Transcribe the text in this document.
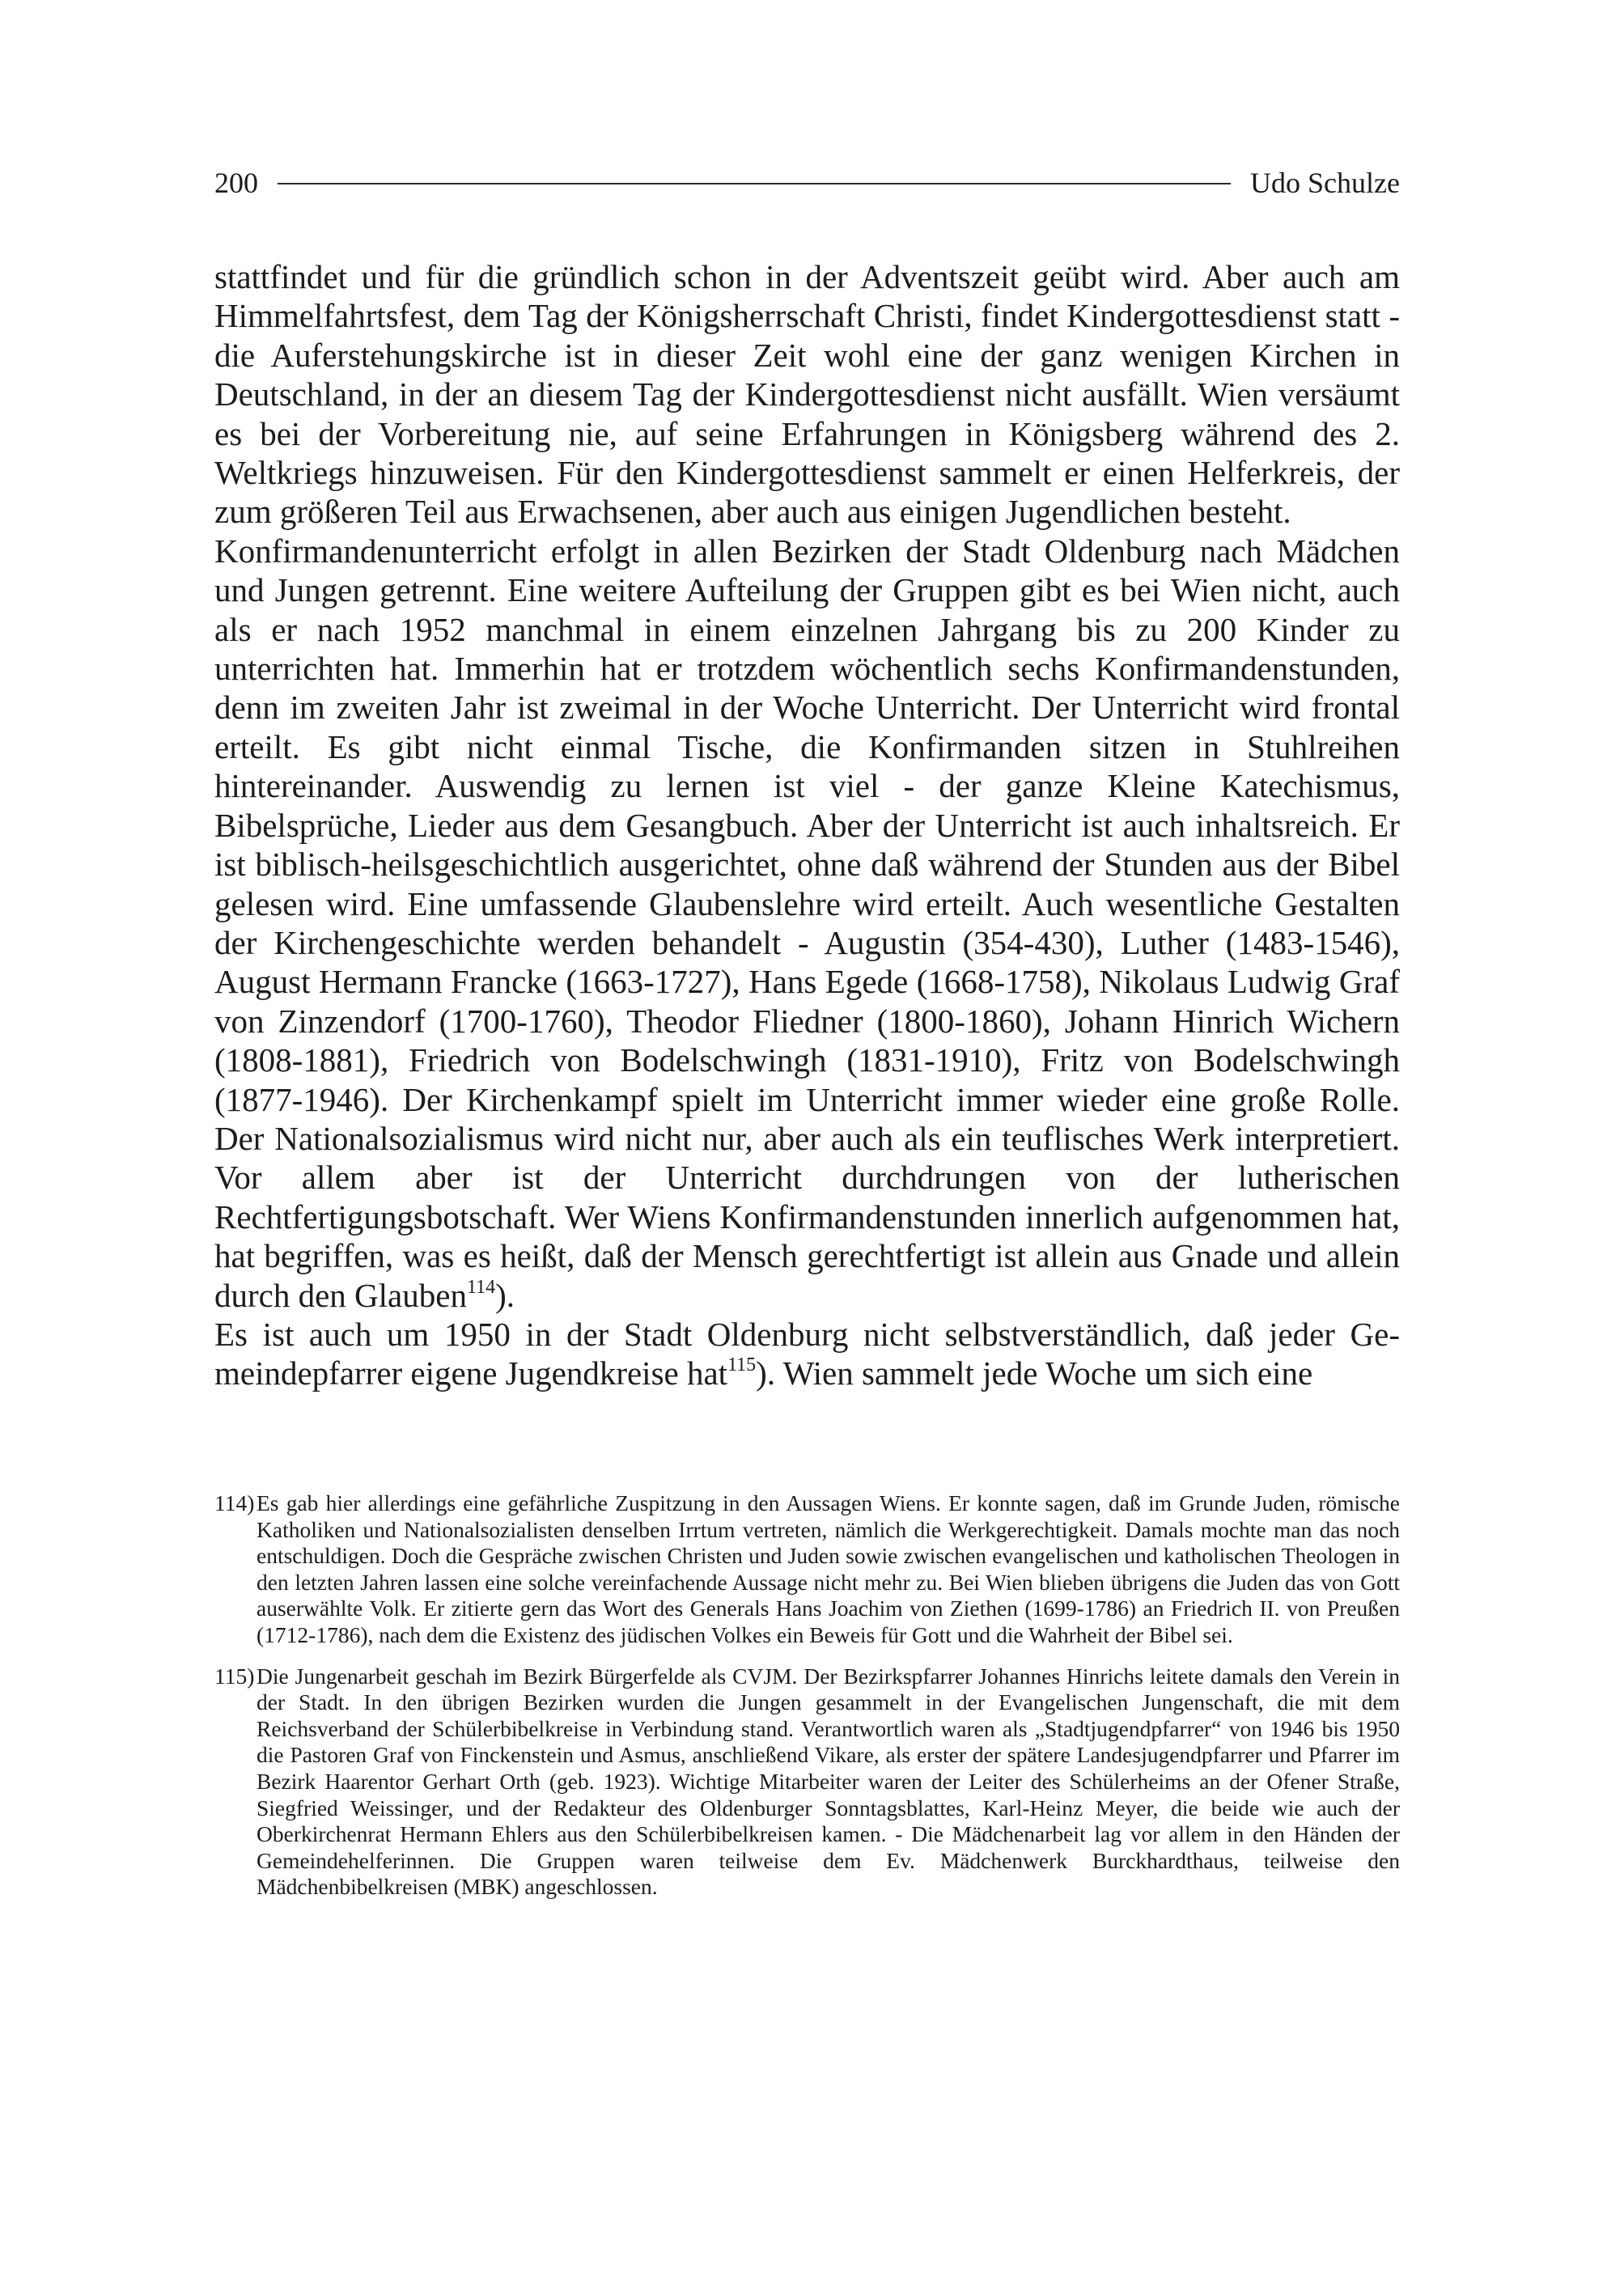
200	Udo Schulze

stattfindet und für die gründlich schon in der Adventszeit geübt wird. Aber auch am Himmelfahrtsfest, dem Tag der Königsherrschaft Christi, findet Kindergottesdienst statt - die Auferstehungskirche ist in dieser Zeit wohl eine der ganz wenigen Kirchen in Deutschland, in der an diesem Tag der Kindergottesdienst nicht ausfällt. Wien versäumt es bei der Vorbereitung nie, auf seine Erfahrungen in Königsberg während des 2. Weltkriegs hinzuweisen. Für den Kindergottesdienst sammelt er einen Helferkreis, der zum größeren Teil aus Erwachsenen, aber auch aus einigen Jugendlichen besteht.

Konfirmandenunterricht erfolgt in allen Bezirken der Stadt Oldenburg nach Mädchen und Jungen getrennt. Eine weitere Aufteilung der Gruppen gibt es bei Wien nicht, auch als er nach 1952 manchmal in einem einzelnen Jahrgang bis zu 200 Kinder zu unterrichten hat. Immerhin hat er trotzdem wöchentlich sechs Konfirmandenstunden, denn im zweiten Jahr ist zweimal in der Woche Unterricht. Der Unterricht wird frontal erteilt. Es gibt nicht einmal Tische, die Konfirmanden sitzen in Stuhlreihen hintereinander. Auswendig zu lernen ist viel - der ganze Kleine Katechismus, Bibelsprüche, Lieder aus dem Gesangbuch. Aber der Unterricht ist auch inhaltsreich. Er ist biblisch-heilsgeschichtlich ausgerichtet, ohne daß während der Stunden aus der Bibel gelesen wird. Eine umfassende Glaubenslehre wird erteilt. Auch wesentliche Gestalten der Kirchengeschichte werden behandelt - Augustin (354-430), Luther (1483-1546), August Hermann Francke (1663-1727), Hans Egede (1668-1758), Nikolaus Ludwig Graf von Zinzendorf (1700-1760), Theodor Fliedner (1800-1860), Johann Hinrich Wichern (1808-1881), Friedrich von Bodelschwingh (1831-1910), Fritz von Bodelschwingh (1877-1946). Der Kirchenkampf spielt im Unterricht immer wieder eine große Rolle. Der Nationalsozialismus wird nicht nur, aber auch als ein teuflisches Werk interpretiert. Vor allem aber ist der Unterricht durchdrungen von der lutherischen Rechtfertigungsbotschaft. Wer Wiens Konfirmandenstunden innerlich aufgenommen hat, hat begriffen, was es heißt, daß der Mensch gerechtfertigt ist allein aus Gnade und allein durch den Glauben$^{114}$).

Es ist auch um 1950 in der Stadt Oldenburg nicht selbstverständlich, daß jeder Gemeindepfarrer eigene Jugendkreise hat$^{115}$). Wien sammelt jede Woche um sich eine

114) Es gab hier allerdings eine gefährliche Zuspitzung in den Aussagen Wiens. Er konnte sagen, daß im Grunde Juden, römische Katholiken und Nationalsozialisten denselben Irrtum vertreten, nämlich die Werkgerechtigkeit. Damals mochte man das noch entschuldigen. Doch die Gespräche zwischen Christen und Juden sowie zwischen evangelischen und katholischen Theologen in den letzten Jahren lassen eine solche vereinfachende Aussage nicht mehr zu. Bei Wien blieben übrigens die Juden das von Gott auserwählte Volk. Er zitierte gern das Wort des Generals Hans Joachim von Ziethen (1699-1786) an Friedrich II. von Preußen (1712-1786), nach dem die Existenz des jüdischen Volkes ein Beweis für Gott und die Wahrheit der Bibel sei.
115) Die Jungenarbeit geschah im Bezirk Bürgerfelde als CVJM. Der Bezirkspfarrer Johannes Hinrichs leitete damals den Verein in der Stadt. In den übrigen Bezirken wurden die Jungen gesammelt in der Evangelischen Jungenschaft, die mit dem Reichsverband der Schülerbibelkreise in Verbindung stand. Verantwortlich waren als „Stadtjugendpfarrer“ von 1946 bis 1950 die Pastoren Graf von Finckenstein und Asmus, anschließend Vikare, als erster der spätere Landesjugendpfarrer und Pfarrer im Bezirk Haarentor Gerhart Orth (geb. 1923). Wichtige Mitarbeiter waren der Leiter des Schülerheims an der Ofener Straße, Siegfried Weissinger, und der Redakteur des Oldenburger Sonntagsblattes, Karl-Heinz Meyer, die beide wie auch der Oberkirchenrat Hermann Ehlers aus den Schülerbibelkreisen kamen. - Die Mädchenarbeit lag vor allem in den Händen der Gemeindehelferinnen. Die Gruppen waren teilweise dem Ev. Mädchenwerk Burckhardthaus, teilweise den Mädchenbibelkreisen (MBK) angeschlossen.
